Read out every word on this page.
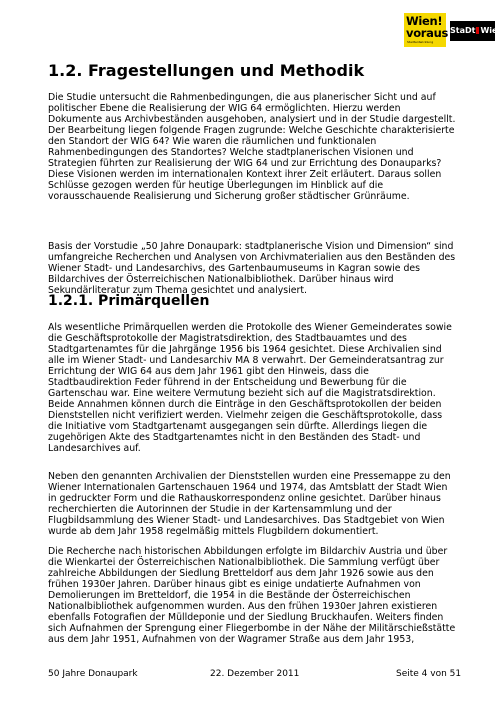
Wien!
voraus
Stadtentwicklung
StaDt Wien
1.2. Fragestellungen und Methodik
Die Studie untersucht die Rahmenbedingungen, die aus planerischer Sicht und auf
politischer Ebene die Realisierung der WIG 64 ermöglichten. Hierzu werden
Dokumente aus Archivbeständen ausgehoben, analysiert und in der Studie dargestellt.
Der Bearbeitung liegen folgende Fragen zugrunde: Welche Geschichte charakterisierte
den Standort der WIG 64? Wie waren die räumlichen und funktionalen
Rahmenbedingungen des Standortes? Welche stadtplanerischen Visionen und
Strategien führten zur Realisierung der WIG 64 und zur Errichtung des Donauparks?
Diese Visionen werden im internationalen Kontext ihrer Zeit erläutert. Daraus sollen
Schlüsse gezogen werden für heutige Überlegungen im Hinblick auf die
vorausschauende Realisierung und Sicherung großer städtischer Grünräume.
Basis der Vorstudie „50 Jahre Donaupark: stadtplanerische Vision und Dimension“ sind
umfangreiche Recherchen und Analysen von Archivmaterialien aus den Beständen des
Wiener Stadt- und Landesarchivs, des Gartenbaumuseums in Kagran sowie des
Bildarchives der Österreichischen Nationalbibliothek. Darüber hinaus wird
Sekundärliteratur zum Thema gesichtet und analysiert.
1.2.1. Primärquellen
Als wesentliche Primärquellen werden die Protokolle des Wiener Gemeinderates sowie
die Geschäftsprotokolle der Magistratsdirektion, des Stadtbauamtes und des
Stadtgartenamtes für die Jahrgänge 1956 bis 1964 gesichtet. Diese Archivalien sind
alle im Wiener Stadt- und Landesarchiv MA 8 verwahrt. Der Gemeinderatsantrag zur
Errichtung der WIG 64 aus dem Jahr 1961 gibt den Hinweis, dass die
Stadtbaudirektion Feder führend in der Entscheidung und Bewerbung für die
Gartenschau war. Eine weitere Vermutung bezieht sich auf die Magistratsdirektion.
Beide Annahmen können durch die Einträge in den Geschäftsprotokollen der beiden
Dienststellen nicht verifiziert werden. Vielmehr zeigen die Geschäftsprotokolle, dass
die Initiative vom Stadtgartenamt ausgegangen sein dürfte. Allerdings liegen die
zugehörigen Akte des Stadtgartenamtes nicht in den Beständen des Stadt- und
Landesarchives auf.
Neben den genannten Archivalien der Dienststellen wurden eine Pressemappe zu den
Wiener Internationalen Gartenschauen 1964 und 1974, das Amtsblatt der Stadt Wien
in gedruckter Form und die Rathauskorrespondenz online gesichtet. Darüber hinaus
recherchierten die Autorinnen der Studie in der Kartensammlung und der
Flugbildsammlung des Wiener Stadt- und Landesarchives. Das Stadtgebiet von Wien
wurde ab dem Jahr 1958 regelmäßig mittels Flugbildern dokumentiert.
Die Recherche nach historischen Abbildungen erfolgte im Bildarchiv Austria und über
die Wienkartei der Österreichischen Nationalbibliothek. Die Sammlung verfügt über
zahlreiche Abbildungen der Siedlung Bretteldorf aus dem Jahr 1926 sowie aus den
frühen 1930er Jahren. Darüber hinaus gibt es einige undatierte Aufnahmen von
Demolierungen im Bretteldorf, die 1954 in die Bestände der Österreichischen
Nationalbibliothek aufgenommen wurden. Aus den frühen 1930er Jahren existieren
ebenfalls Fotografien der Mülldeponie und der Siedlung Bruckhaufen. Weiters finden
sich Aufnahmen der Sprengung einer Fliegerbombe in der Nähe der Militärschießstätte
aus dem Jahr 1951, Aufnahmen von der Wagramer Straße aus dem Jahr 1953,
50 Jahre Donaupark	22. Dezember 2011	Seite 4 von 51
